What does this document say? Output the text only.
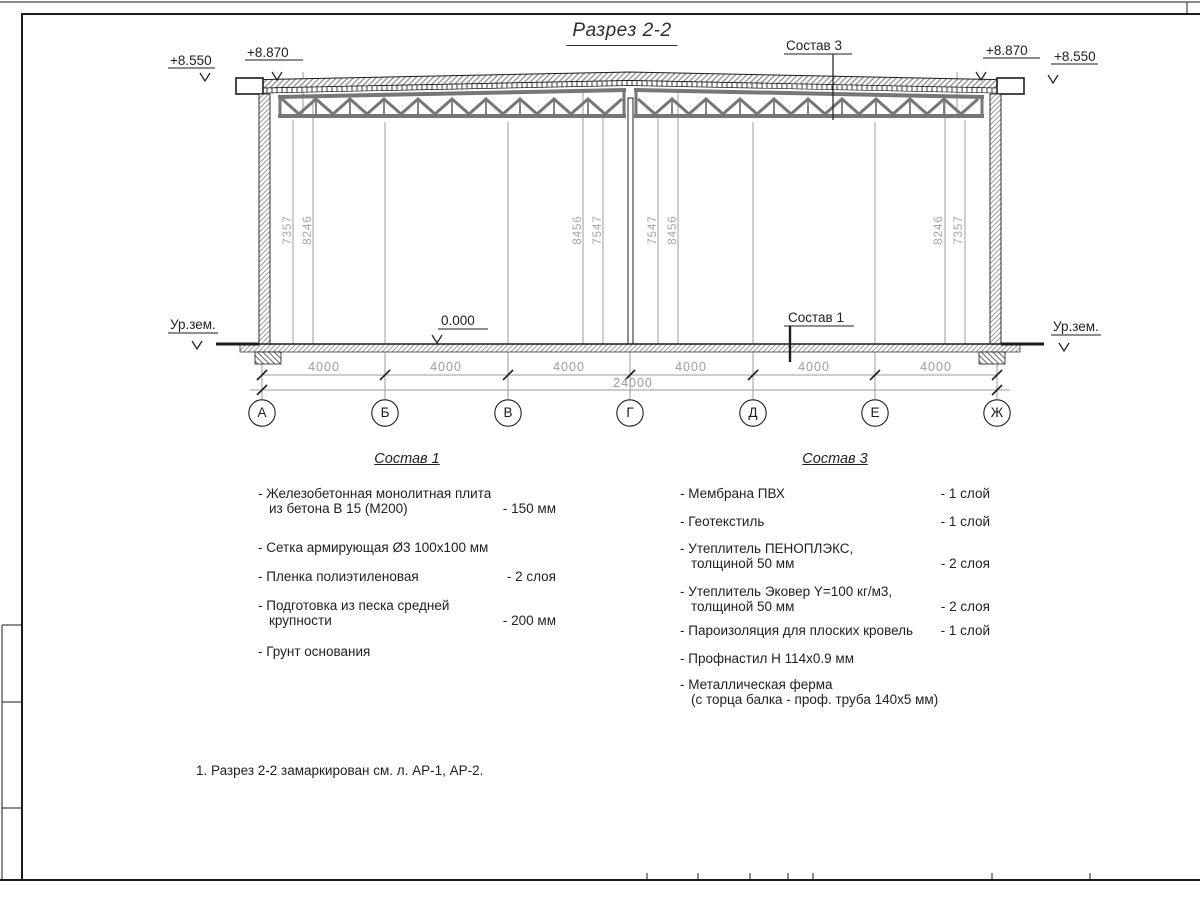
Разрез 2-2
+8.550
+8.870	+8.870 +8.550
0.000
Ур.зем.	Ур.зем.
Состав 3
Состав 1
7357 8246	8456 7547	7547 8456	8246 7357
4000	4000	4000	4000	4000	4000
24000
А	Б	В	Г	Д	Е	Ж
Состав 1
- Железобетонная монолитная плита
из бетона В 15 (М200)	- 150 мм
- Сетка армирующая Ø3 100х100 мм
- Пленка полиэтиленовая	- 2 слоя
- Подготовка из песка средней
крупности	- 200 мм
- Грунт основания
Состав 3
- Мембрана ПВХ	- 1 слой
- Геотекстиль	- 1 слой
- Утеплитель ПЕНОПЛЭКС,
толщиной 50 мм	- 2 слоя
- Утеплитель Эковер Y=100 кг/м3,
толщиной 50 мм	- 2 слоя
- Пароизоляция для плоских кровель - 1 слой
- Профнастил Н 114х0.9 мм
- Металлическая ферма
(с торца балка - проф. труба 140х5 мм)
1. Разрез 2-2 замаркирован см. л. АР-1, АР-2.
